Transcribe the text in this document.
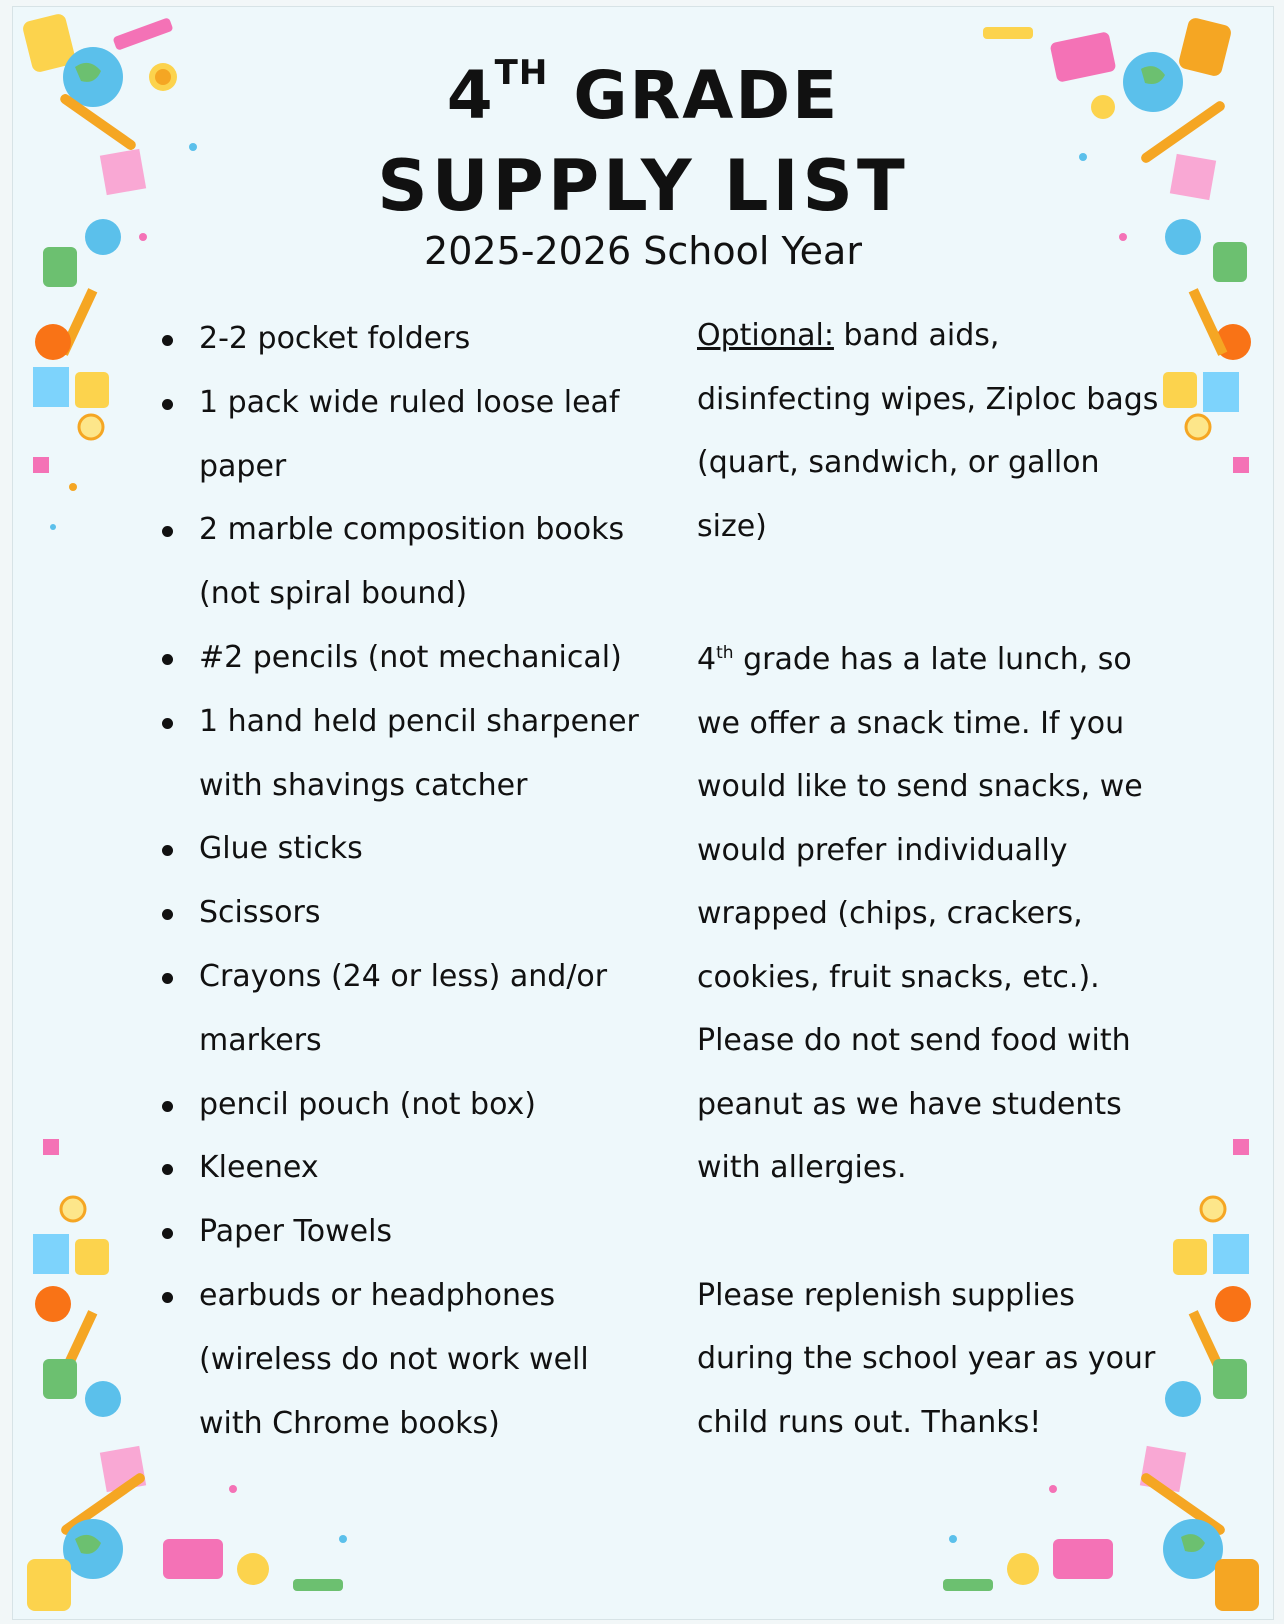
4TH GRADE
SUPPLY LIST
2025-2026 School Year
2-2 pocket folders
1 pack wide ruled loose leaf paper
2 marble composition books (not spiral bound)
#2 pencils (not mechanical)
1 hand held pencil sharpener with shavings catcher
Glue sticks
Scissors
Crayons (24 or less) and/or markers
pencil pouch (not box)
Kleenex
Paper Towels
earbuds or headphones (wireless do not work well with Chrome books)

Optional: band aids, disinfecting wipes, Ziploc bags (quart, sandwich, or gallon size)

4th grade has a late lunch, so we offer a snack time. If you would like to send snacks, we would prefer individually wrapped (chips, crackers, cookies, fruit snacks, etc.). Please do not send food with peanut as we have students with allergies.

Please replenish supplies during the school year as your child runs out. Thanks!
